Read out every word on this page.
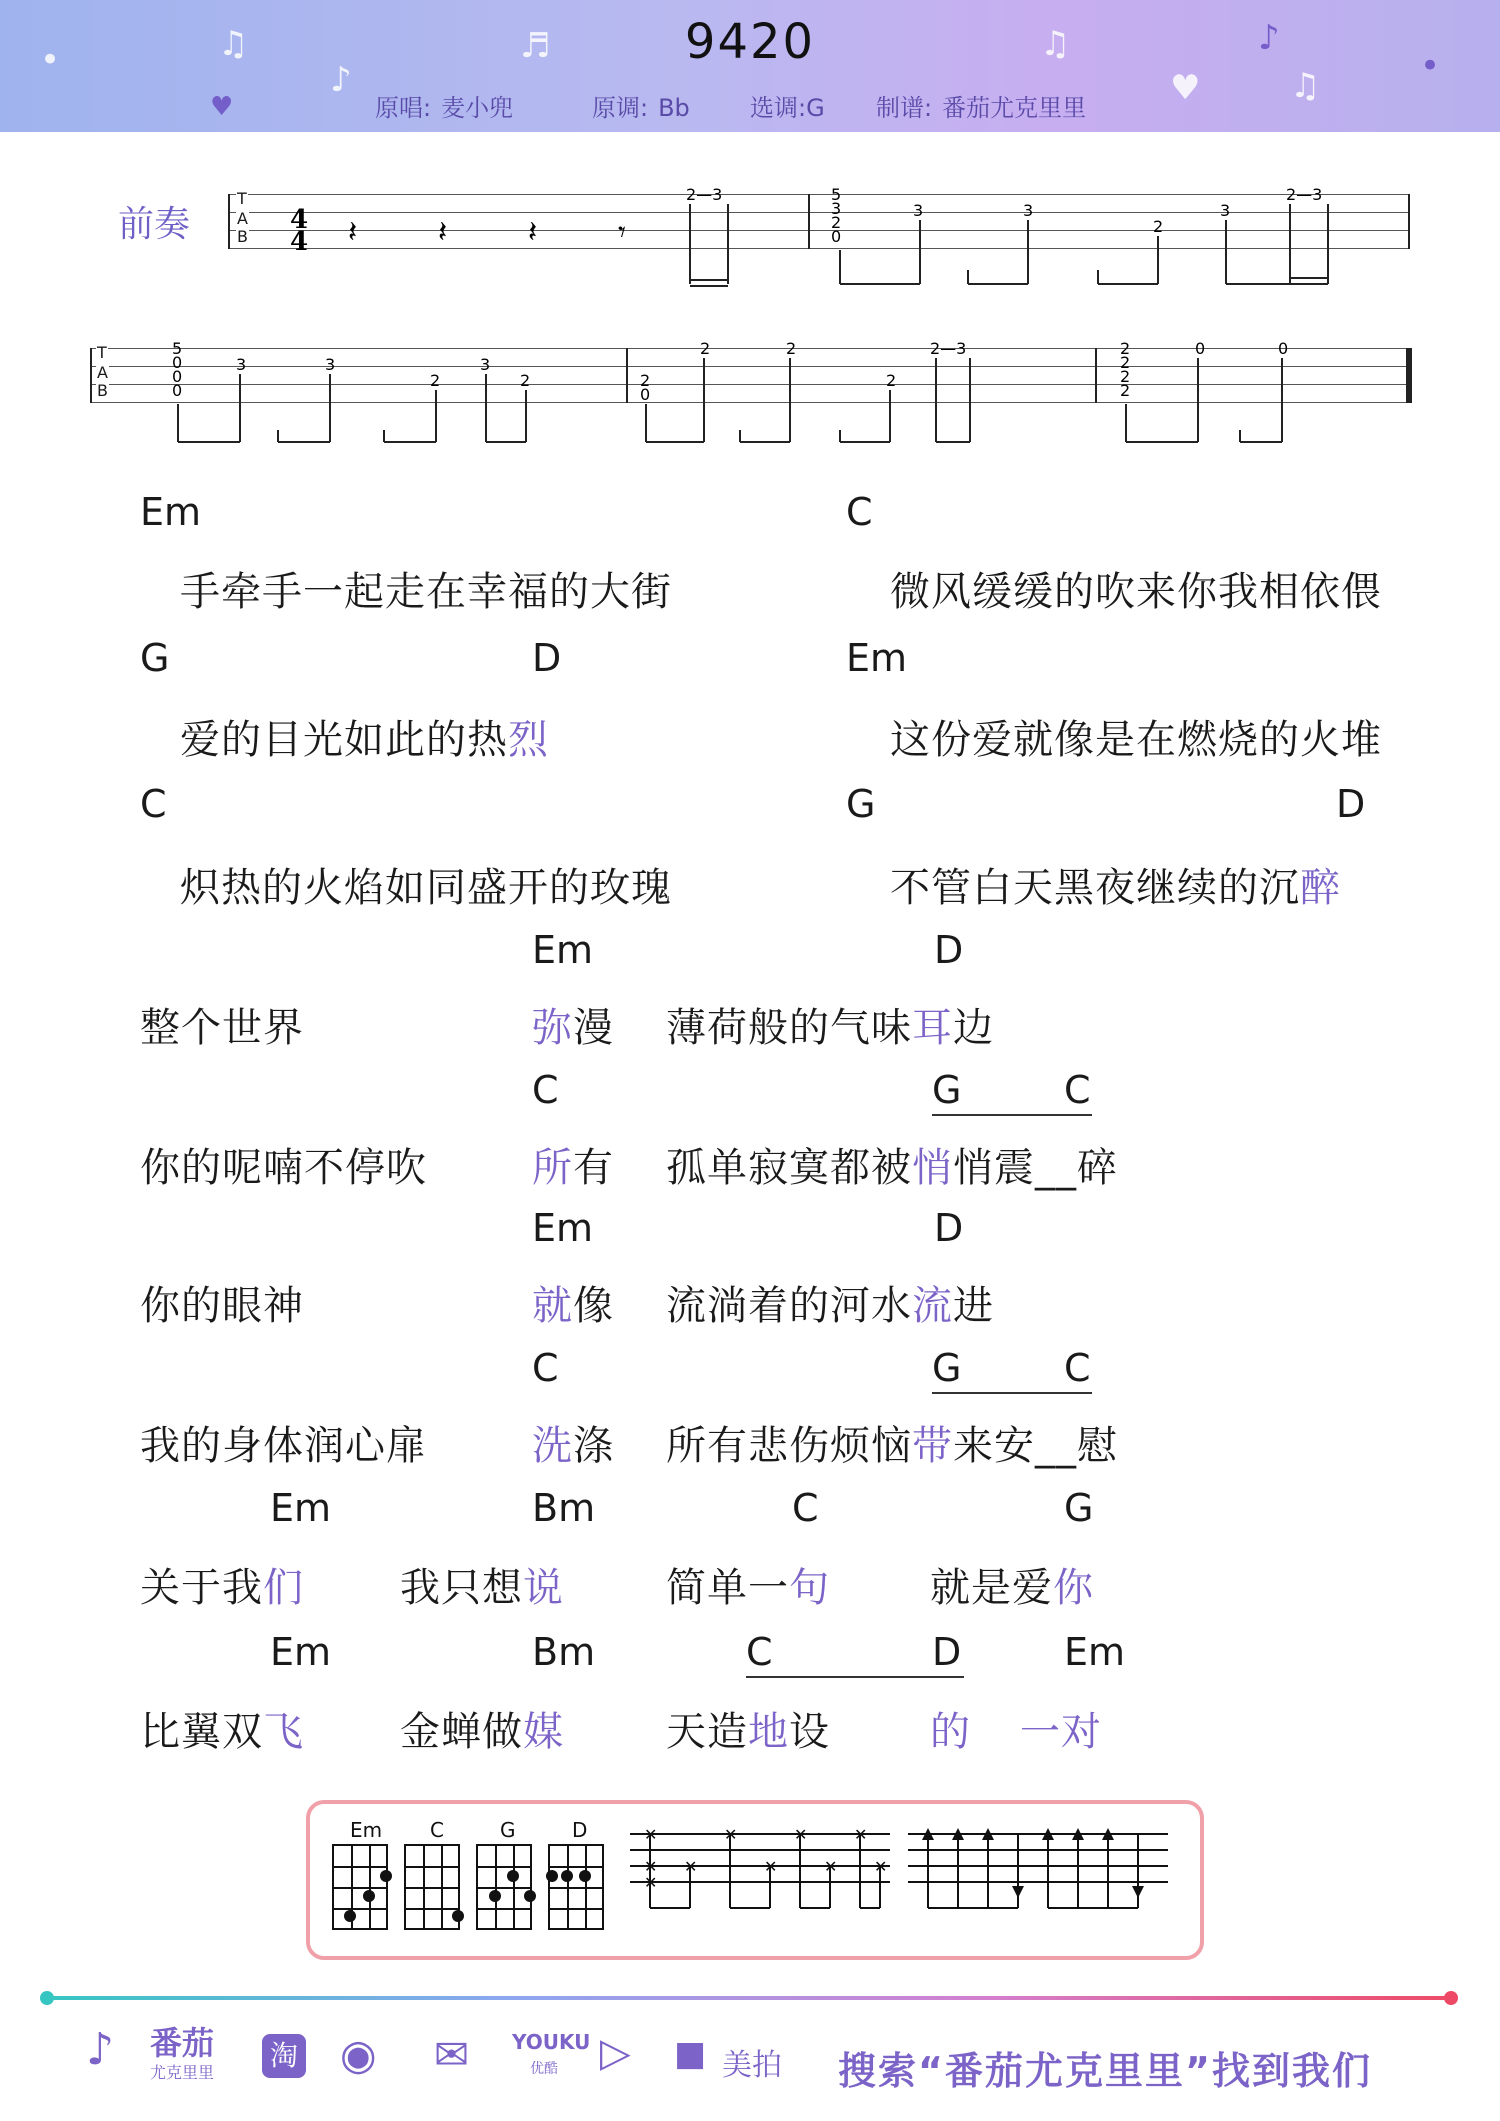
•	♫
♪
♬	♫	♪
♫
♥
♥
•
9420
原唱: 麦小兜	原调: Bb	选调:G 制谱: 番茄尤克里里
前奏
T
A
B
4
4 𝄽	𝄽	𝄽	𝄾
2—3	5
3
2
0
3	3
2
3
2—3
T
A
B
5
0
0
0
3	3
2
3
2	2
0
2	2
2
2—3	2
2
2
2
0	0
Em	C
手牵手一起走在幸福的大街	微风缓缓的吹来你我相依偎
G	D	Em
爱的目光如此的热烈	这份爱就像是在燃烧的火堆
C	G	D
炽热的火焰如同盛开的玫瑰	不管白天黑夜继续的沉醉
Em	D
整个世界	弥漫 薄荷般的气味耳边
C	G	C
你的呢喃不停吹	所有 孤单寂寞都被悄悄震__碎
Em	D
你的眼神	就像 流淌着的河水流进
C	G	C
我的身体润心扉	洗涤 所有悲伤烦恼带来安__慰
Em	Bm	C	G
关于我们 我只想说	简单一句	就是爱你
Em	Bm	C	D	Em
比翼双飞 金蝉做媒	天造地设	的 一对
Em C	G	D	✕
✕
✕
✕
✕
✕
✕
✕
✕
✕
♪ 番茄
尤克里里
淘 ◉ ✉ YOUKU
优酷 ▷ ■ 美拍 搜索“番茄尤克里里”找到我们
